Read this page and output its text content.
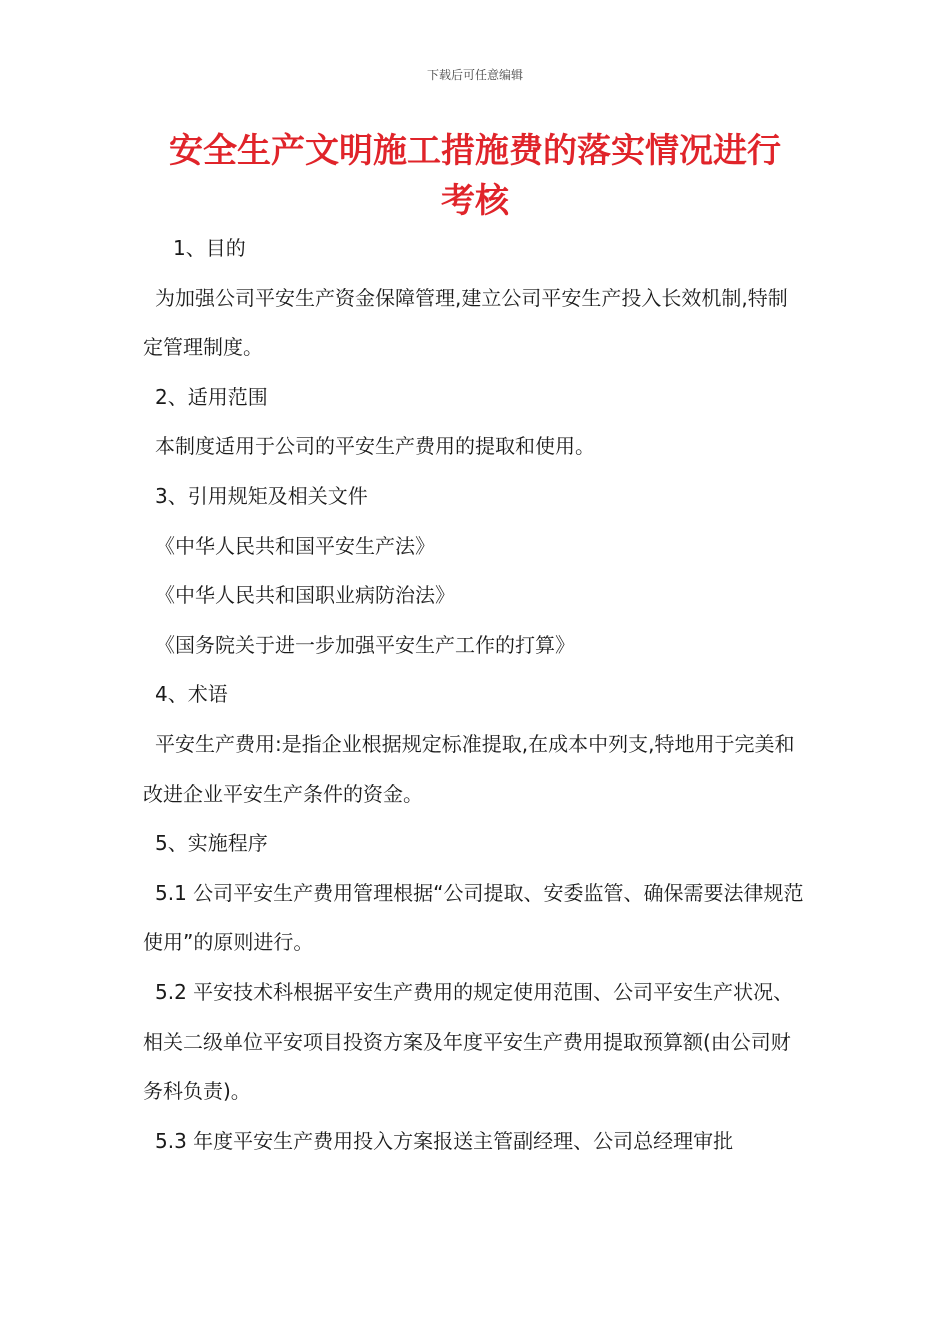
下载后可任意编辑
安全生产文明施工措施费的落实情况进行
考核

1、目的

为加强公司平安生产资金保障管理,建立公司平安生产投入长效机制,特制定管理制度。

2、适用范围

本制度适用于公司的平安生产费用的提取和使用。

3、引用规矩及相关文件

《中华人民共和国平安生产法》

《中华人民共和国职业病防治法》

《国务院关于进一步加强平安生产工作的打算》

4、术语

平安生产费用:是指企业根据规定标准提取,在成本中列支,特地用于完美和改进企业平安生产条件的资金。

5、实施程序

5.1 公司平安生产费用管理根据“公司提取、安委监管、确保需要法律规范使用”的原则进行。

5.2 平安技术科根据平安生产费用的规定使用范围、公司平安生产状况、相关二级单位平安项目投资方案及年度平安生产费用提取预算额(由公司财务科负责)。

5.3 年度平安生产费用投入方案报送主管副经理、公司总经理审批
